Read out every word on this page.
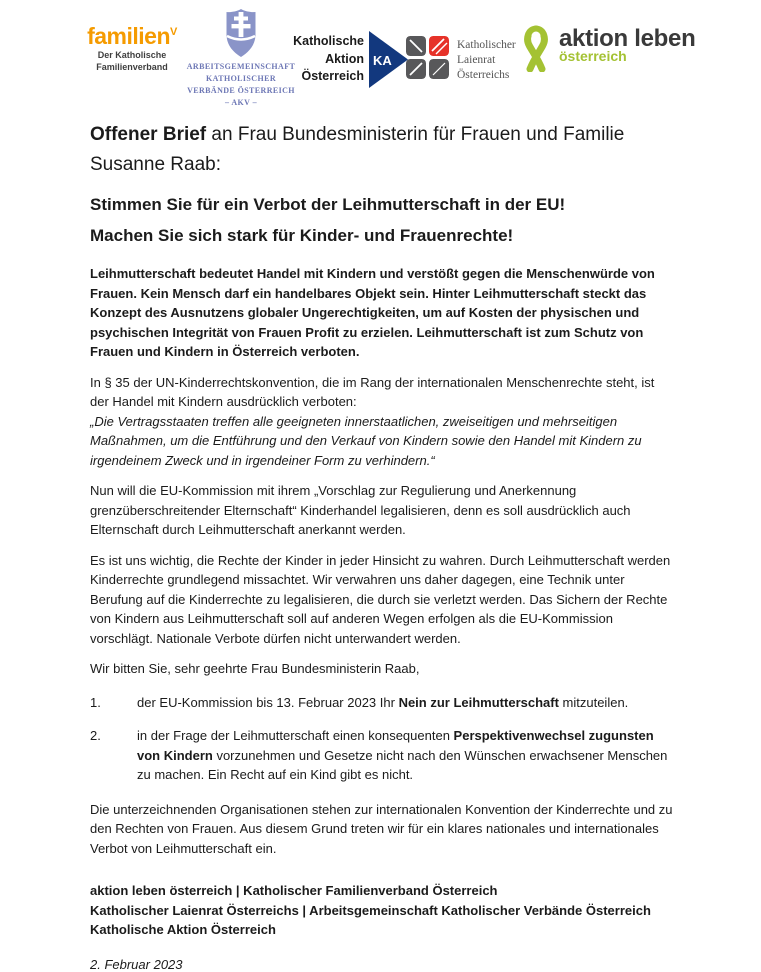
familien$^V$
Der Katholische
Familienverband	ARBEITSGEMEINSCHAFT
KATHOLISCHER
VERBÄNDE ÖSTERREICH
– AKV –
Katholische Aktion
Österreich
KA
Katholischer
Laienrat
Österreichs
aktion leben
österreich

Offener Brief an Frau Bundesministerin für Frauen und Familie Susanne Raab:

Stimmen Sie für ein Verbot der Leihmutterschaft in der EU!
Machen Sie sich stark für Kinder- und Frauenrechte!

Leihmutterschaft bedeutet Handel mit Kindern und verstößt gegen die Menschenwürde von Frauen. Kein Mensch darf ein handelbares Objekt sein. Hinter Leihmutterschaft steckt das Konzept des Ausnutzens globaler Ungerechtigkeiten, um auf Kosten der physischen und psychischen Integrität von Frauen Profit zu erzielen. Leihmutterschaft ist zum Schutz von Frauen und Kindern in Österreich verboten.

In § 35 der UN-Kinderrechtskonvention, die im Rang der internationalen Menschenrechte steht, ist der Handel mit Kindern ausdrücklich verboten:
„Die Vertragsstaaten treffen alle geeigneten innerstaatlichen, zweiseitigen und mehrseitigen Maßnahmen, um die Entführung und den Verkauf von Kindern sowie den Handel mit Kindern zu irgendeinem Zweck und in irgendeiner Form zu verhindern.“

Nun will die EU-Kommission mit ihrem „Vorschlag zur Regulierung und Anerkennung grenzüberschreitender Elternschaft“ Kinderhandel legalisieren, denn es soll ausdrücklich auch Elternschaft durch Leihmutterschaft anerkannt werden.

Es ist uns wichtig, die Rechte der Kinder in jeder Hinsicht zu wahren. Durch Leihmutterschaft werden Kinderrechte grundlegend missachtet. Wir verwahren uns daher dagegen, eine Technik unter Berufung auf die Kinderrechte zu legalisieren, die durch sie verletzt werden. Das Sichern der Rechte von Kindern aus Leihmutterschaft soll auf anderen Wegen erfolgen als die EU-Kommission vorschlägt. Nationale Verbote dürfen nicht unterwandert werden.

Wir bitten Sie, sehr geehrte Frau Bundesministerin Raab,

1.	der EU-Kommission bis 13. Februar 2023 Ihr Nein zur Leihmutterschaft mitzuteilen.
2.	in der Frage der Leihmutterschaft einen konsequenten Perspektivenwechsel zugunsten von Kindern vorzunehmen und Gesetze nicht nach den Wünschen erwachsener Menschen zu machen. Ein Recht auf ein Kind gibt es nicht.

Die unterzeichnenden Organisationen stehen zur internationalen Konvention der Kinderrechte und zu den Rechten von Frauen. Aus diesem Grund treten wir für ein klares nationales und internationales Verbot von Leihmutterschaft ein.

aktion leben österreich | Katholischer Familienverband Österreich
Katholischer Laienrat Österreichs | Arbeitsgemeinschaft Katholischer Verbände Österreich
Katholische Aktion Österreich
2. Februar 2023
